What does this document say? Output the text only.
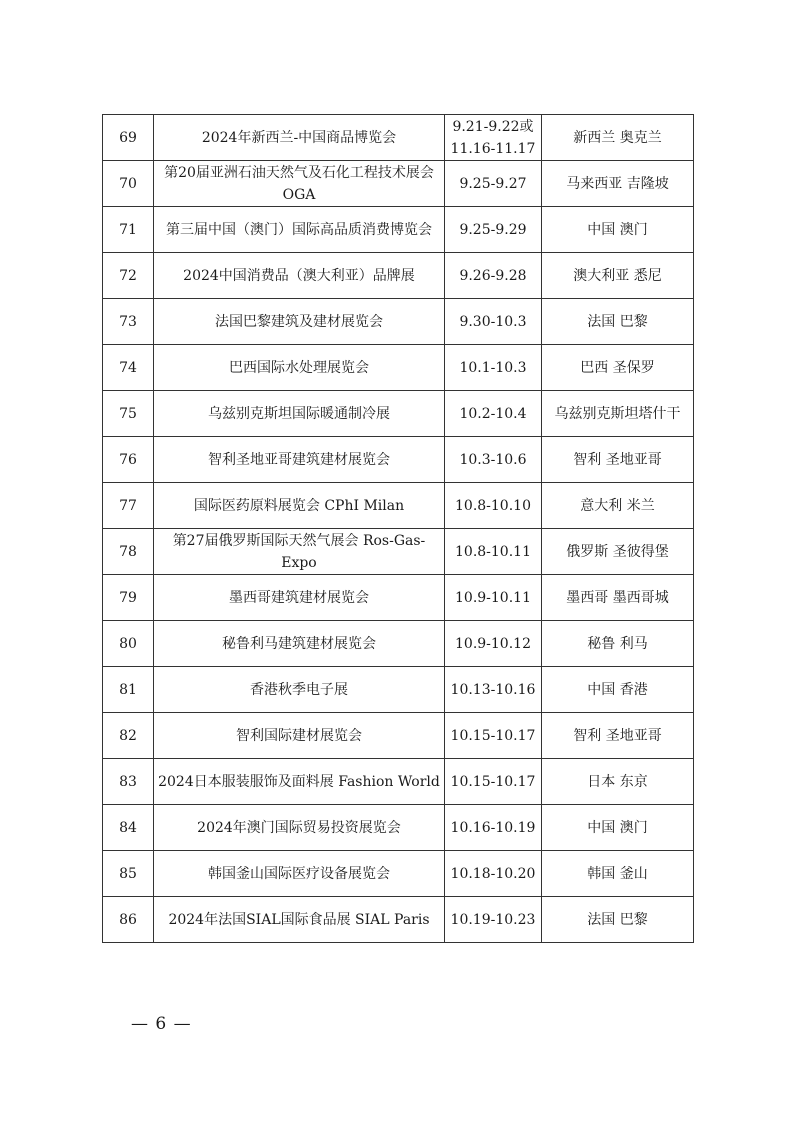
69	2024年新西兰-中国商品博览会	9.21-9.22或11.16-11.17	新西兰 奥克兰
70	第20届亚洲石油天然气及石化工程技术展会 OGA	9.25-9.27	马来西亚 吉隆坡
71	第三届中国（澳门）国际高品质消费博览会	9.25-9.29	中国 澳门
72	2024中国消费品（澳大利亚）品牌展	9.26-9.28	澳大利亚 悉尼
73	法国巴黎建筑及建材展览会	9.30-10.3	法国 巴黎
74	巴西国际水处理展览会	10.1-10.3	巴西 圣保罗
75	乌兹别克斯坦国际暖通制冷展	10.2-10.4	乌兹别克斯坦塔什干
76	智利圣地亚哥建筑建材展览会	10.3-10.6	智利 圣地亚哥
77	国际医药原料展览会 CPhI Milan	10.8-10.10	意大利 米兰
78	第27届俄罗斯国际天然气展会 Ros-Gas-Expo	10.8-10.11	俄罗斯 圣彼得堡
79	墨西哥建筑建材展览会	10.9-10.11	墨西哥 墨西哥城
80	秘鲁利马建筑建材展览会	10.9-10.12	秘鲁 利马
81	香港秋季电子展	10.13-10.16	中国 香港
82	智利国际建材展览会	10.15-10.17	智利 圣地亚哥
83	2024日本服装服饰及面料展 Fashion World	10.15-10.17	日本 东京
84	2024年澳门国际贸易投资展览会	10.16-10.19	中国 澳门
85	韩国釜山国际医疗设备展览会	10.18-10.20	韩国 釜山
86	2024年法国SIAL国际食品展 SIAL Paris	10.19-10.23	法国 巴黎
— 6 —
